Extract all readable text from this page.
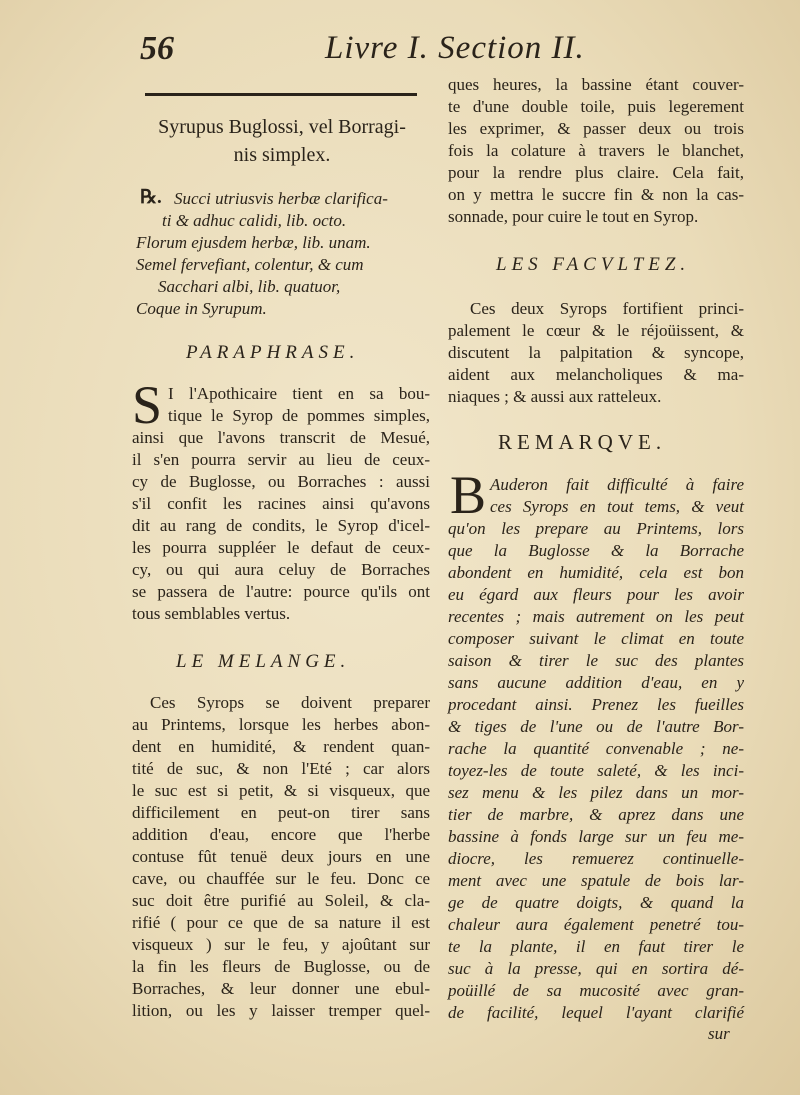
56	Livre I. Section II.
Syrupus Buglossi, vel Borragi-
nis simplex.
℞. Succi utriusvis herbæ clarifica-
ti & adhuc calidi, lib. octo.
Florum ejusdem herbæ, lib. unam.
Semel fervefiant, colentur, & cum
Sacchari albi, lib. quatuor,
Coque in Syrupum.
PARAPHRASE.
S I l'Apothicaire tient en sa bou-
tique le Syrop de pommes simples,
ainsi que l'avons transcrit de Mesué,
il s'en pourra servir au lieu de ceux-
cy de Buglosse, ou Borraches : aussi
s'il confit les racines ainsi qu'avons
dit au rang de condits, le Syrop d'icel-
les pourra suppléer le defaut de ceux-
cy, ou qui aura celuy de Borraches
se passera de l'autre: pource qu'ils ont
tous semblables vertus.
LE MELANGE.
Ces Syrops se doivent preparer
au Printems, lorsque les herbes abon-
dent en humidité, & rendent quan-
tité de suc, & non l'Eté ; car alors
le suc est si petit, & si visqueux, que
difficilement en peut-on tirer sans
addition d'eau, encore que l'herbe
contuse fût tenuë deux jours en une
cave, ou chauffée sur le feu. Donc ce
suc doit être purifié au Soleil, & cla-
rifié ( pour ce que de sa nature il est
visqueux ) sur le feu, y ajoûtant sur
la fin les fleurs de Buglosse, ou de
Borraches, & leur donner une ebul-
lition, ou les y laisser tremper quel-
ques heures, la bassine étant couver-
te d'une double toile, puis legerement
les exprimer, & passer deux ou trois
fois la colature à travers le blanchet,
pour la rendre plus claire. Cela fait,
on y mettra le succre fin & non la cas-
sonnade, pour cuire le tout en Syrop.
LES FACVLTEZ.
Ces deux Syrops fortifient princi-
palement le cœur & le réjoüissent, &
discutent la palpitation & syncope,
aident aux melancholiques & ma-
niaques ; & aussi aux ratteleux.
REMARQVE.
B Auderon fait difficulté à faire
ces Syrops en tout tems, & veut
qu'on les prepare au Printems, lors
que la Buglosse & la Borrache
abondent en humidité, cela est bon
eu égard aux fleurs pour les avoir
recentes ; mais autrement on les peut
composer suivant le climat en toute
saison & tirer le suc des plantes
sans aucune addition d'eau, en y
procedant ainsi. Prenez les fueilles
& tiges de l'une ou de l'autre Bor-
rache la quantité convenable ; ne-
toyez-les de toute saleté, & les inci-
sez menu & les pilez dans un mor-
tier de marbre, & aprez dans une
bassine à fonds large sur un feu me-
diocre, les remuerez continuelle-
ment avec une spatule de bois lar-
ge de quatre doigts, & quand la
chaleur aura également penetré tou-
te la plante, il en faut tirer le
suc à la presse, qui en sortira dé-
poüillé de sa mucosité avec gran-
de facilité, lequel l'ayant clarifié
sur
